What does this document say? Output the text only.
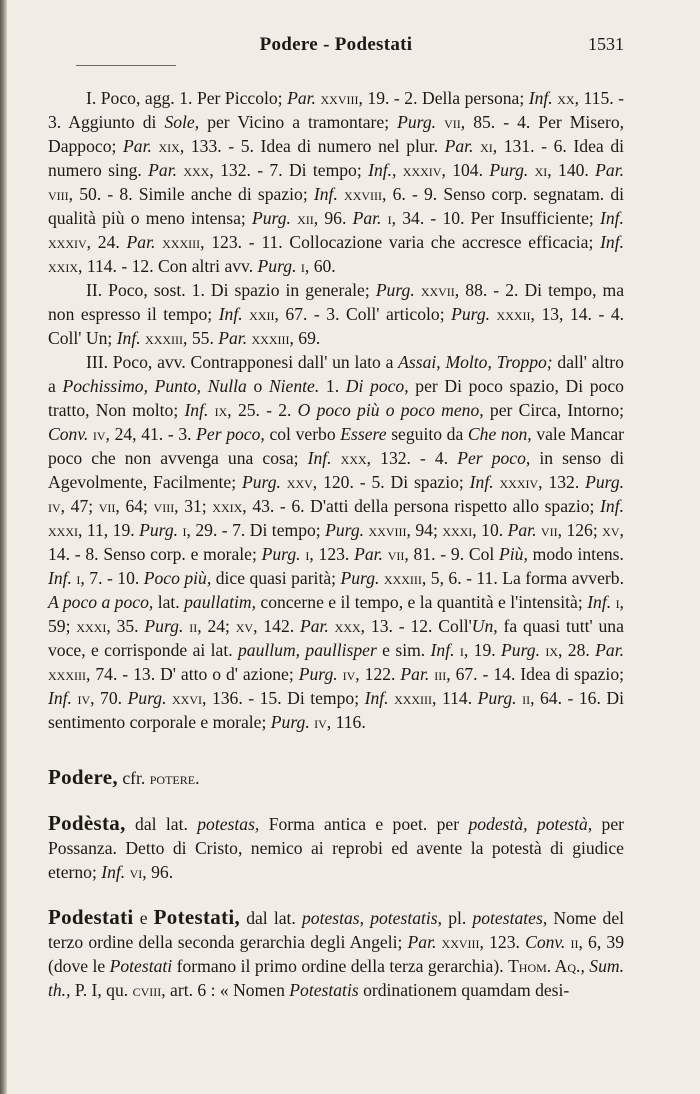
Podere - Podestati	1531

I. Poco, agg. 1. Per Piccolo; Par. xxviii, 19. - 2. Della persona; Inf. xx, 115. - 3. Aggiunto di Sole, per Vicino a tramontare; Purg. vii, 85. - 4. Per Misero, Dappoco; Par. xix, 133. - 5. Idea di numero nel plur. Par. xi, 131. - 6. Idea di numero sing. Par. xxx, 132. - 7. Di tempo; Inf., xxxiv, 104. Purg. xi, 140. Par. viii, 50. - 8. Simile anche di spazio; Inf. xxviii, 6. - 9. Senso corp. segnatam. di qualità più o meno intensa; Purg. xii, 96. Par. i, 34. - 10. Per Insufficiente; Inf. xxxiv, 24. Par. xxxiii, 123. - 11. Collocazione varia che accresce efficacia; Inf. xxix, 114. - 12. Con altri avv. Purg. i, 60.

II. Poco, sost. 1. Di spazio in generale; Purg. xxvii, 88. - 2. Di tempo, ma non espresso il tempo; Inf. xxii, 67. - 3. Coll' articolo; Purg. xxxii, 13, 14. - 4. Coll' Un; Inf. xxxiii, 55. Par. xxxiii, 69.

III. Poco, avv. Contrapponesi dall' un lato a Assai, Molto, Troppo; dall' altro a Pochissimo, Punto, Nulla o Niente. 1. Di poco, per Di poco spazio, Di poco tratto, Non molto; Inf. ix, 25. - 2. O poco più o poco meno, per Circa, Intorno; Conv. iv, 24, 41. - 3. Per poco, col verbo Essere seguito da Che non, vale Mancar poco che non avvenga una cosa; Inf. xxx, 132. - 4. Per poco, in senso di Agevolmente, Facilmente; Purg. xxv, 120. - 5. Di spazio; Inf. xxxiv, 132. Purg. iv, 47; vii, 64; viii, 31; xxix, 43. - 6. D'atti della persona rispetto allo spazio; Inf. xxxi, 11, 19. Purg. i, 29. - 7. Di tempo; Purg. xxviii, 94; xxxi, 10. Par. vii, 126; xv, 14. - 8. Senso corp. e morale; Purg. i, 123. Par. vii, 81. - 9. Col Più, modo intens. Inf. i, 7. - 10. Poco più, dice quasi parità; Purg. xxxiii, 5, 6. - 11. La forma avverb. A poco a poco, lat. paullatim, concerne e il tempo, e la quantità e l'intensità; Inf. i, 59; xxxi, 35. Purg. ii, 24; xv, 142. Par. xxx, 13. - 12. Coll'Un, fa quasi tutt' una voce, e corrisponde ai lat. paullum, paullisper e sim. Inf. i, 19. Purg. ix, 28. Par. xxxiii, 74. - 13. D' atto o d' azione; Purg. iv, 122. Par. iii, 67. - 14. Idea di spazio; Inf. iv, 70. Purg. xxvi, 136. - 15. Di tempo; Inf. xxxiii, 114. Purg. ii, 64. - 16. Di sentimento corporale e morale; Purg. iv, 116.

Podere, cfr. potere.

Podèsta, dal lat. potestas, Forma antica e poet. per podestà, potestà, per Possanza. Detto di Cristo, nemico ai reprobi ed avente la potestà di giudice eterno; Inf. vi, 96.

Podestati e Potestati, dal lat. potestas, potestatis, pl. potestates, Nome del terzo ordine della seconda gerarchia degli Angeli; Par. xxviii, 123. Conv. ii, 6, 39 (dove le Potestati formano il primo ordine della terza gerarchia). Thom. Aq., Sum. th., P. I, qu. cviii, art. 6 : « Nomen Potestatis ordinationem quamdam desi-
